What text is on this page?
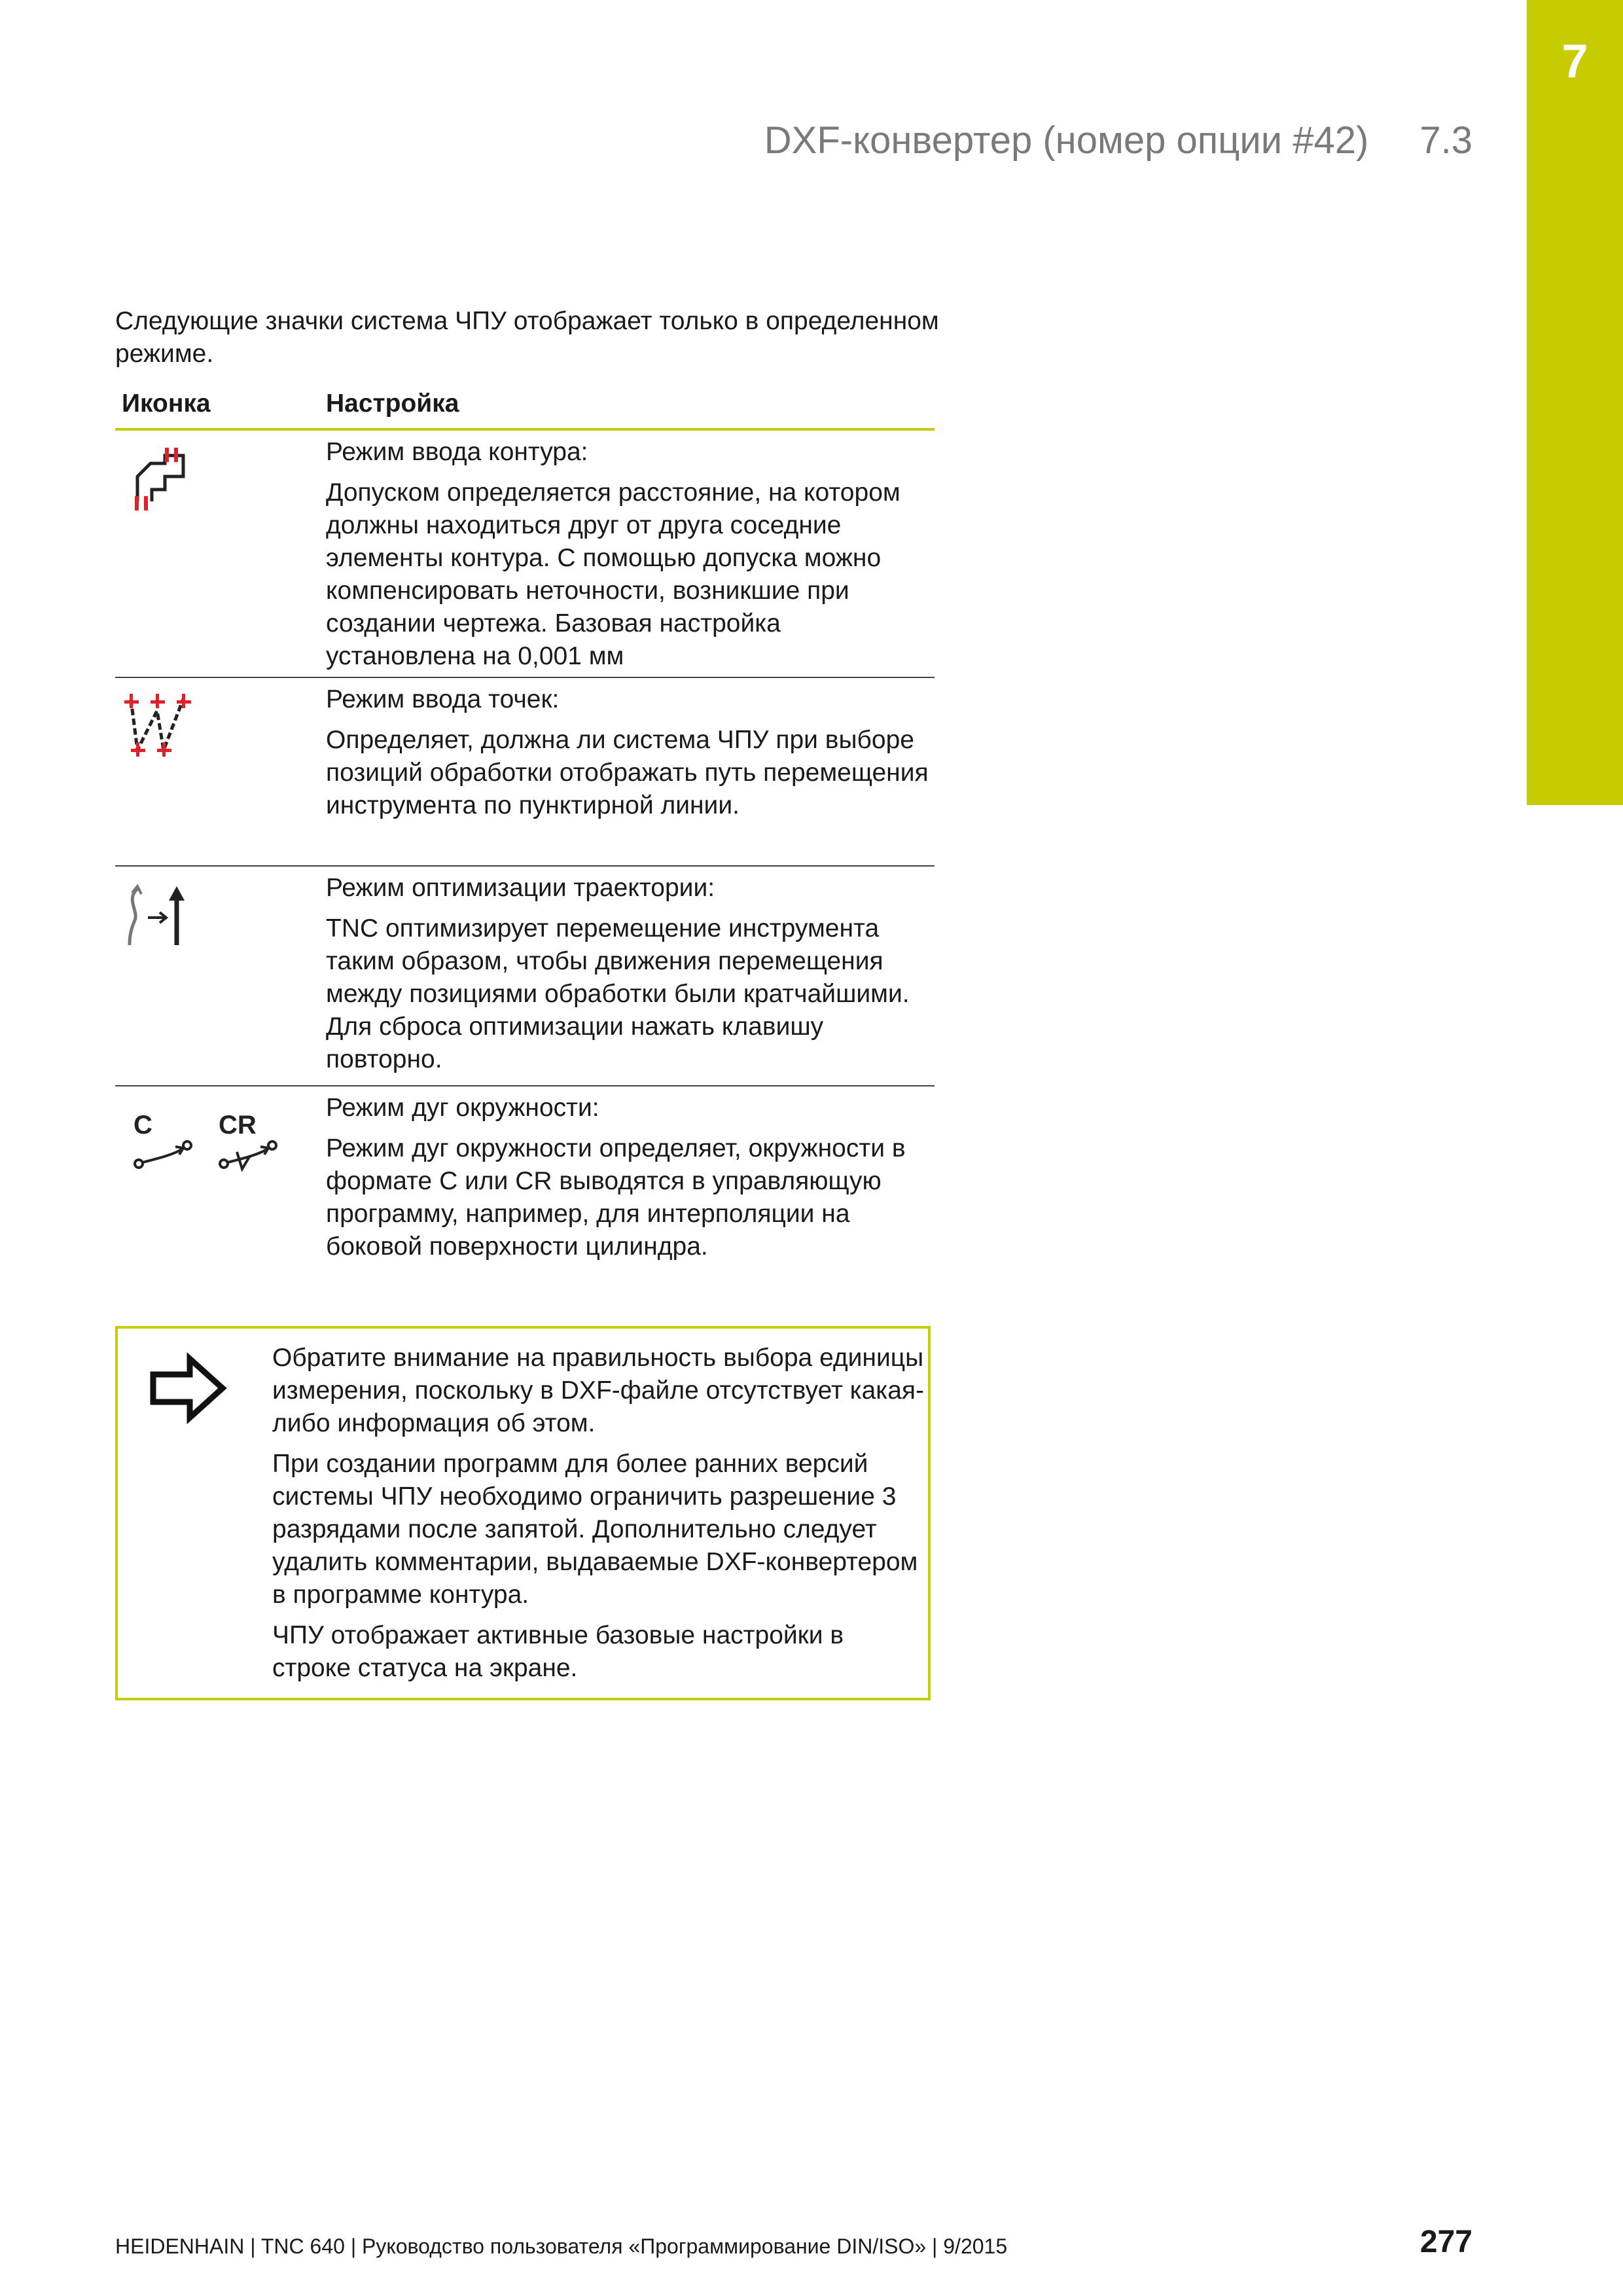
7
DXF-конвертер (номер опции #42) 7.3
Следующие значки система ЧПУ отображает только в определенном режиме.
Иконка	Настройка
Режим ввода контура:
Допуском определяется расстояние, на котором должны находиться друг от друга соседние элементы контура. С помощью допуска можно компенсировать неточности, возникшие при создании чертежа. Базовая настройка установлена на 0,001 мм
Режим ввода точек:
Определяет, должна ли система ЧПУ при выборе позиций обработки отображать путь перемещения инструмента по пунктирной линии.
Режим оптимизации траектории:
TNC оптимизирует перемещение инструмента таким образом, чтобы движения перемещения между позициями обработки были кратчайшими. Для сброса оптимизации нажать клавишу повторно.
C	CR
Режим дуг окружности:
Режим дуг окружности определяет, окружности в формате C или CR выводятся в управляющую программу, например, для интерполяции на боковой поверхности цилиндра.

Обратите внимание на правильность выбора единицы измерения, поскольку в DXF-файле отсутствует какая-либо информация об этом.

При создании программ для более ранних версий системы ЧПУ необходимо ограничить разрешение 3 разрядами после запятой. Дополнительно следует удалить комментарии, выдаваемые DXF-конвертером в программе контура.

ЧПУ отображает активные базовые настройки в строке статуса на экране.

HEIDENHAIN | TNC 640 | Руководство пользователя «Программирование DIN/ISO» | 9/2015	277
